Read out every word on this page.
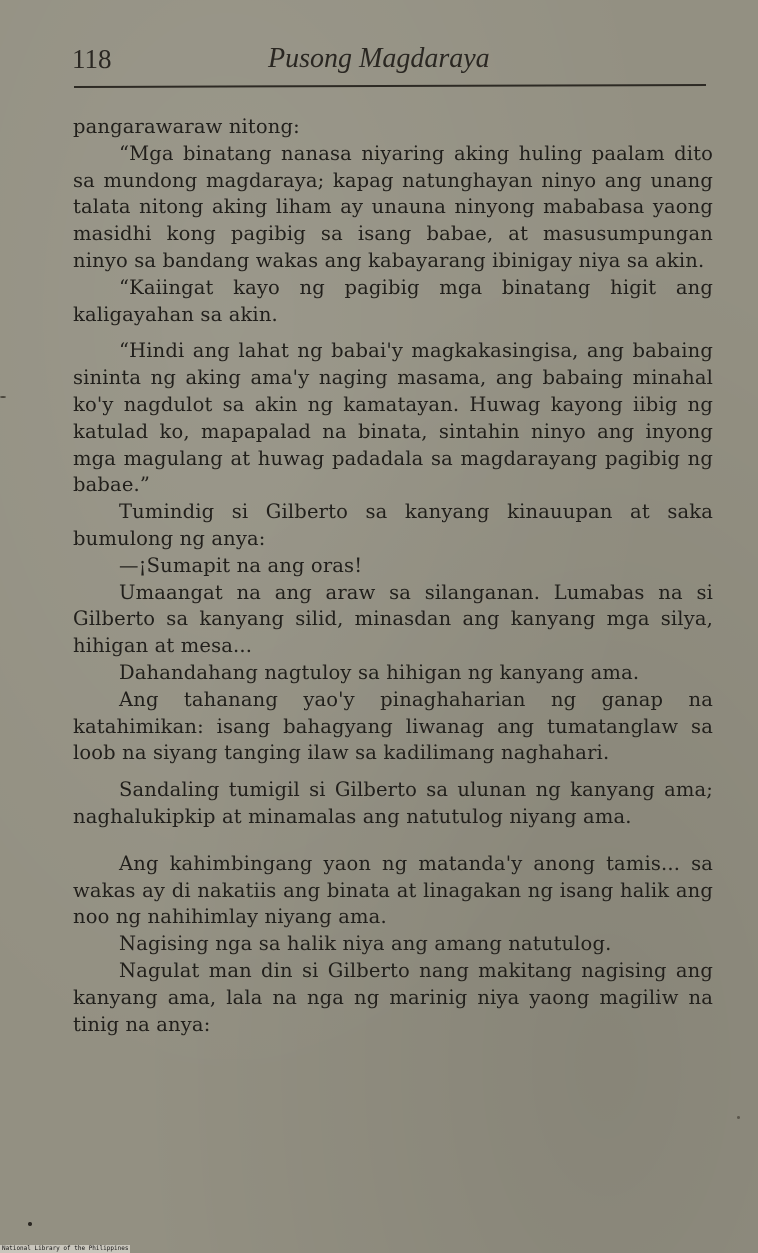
118	Pusong Magdaraya

pangarawaraw nitong:

“Mga binatang nanasa niyaring aking huling paalam dito sa mundong magdaraya; kapag natunghayan ninyo ang unang talata nitong aking liham ay unauna ninyong mababasa yaong masidhi kong pagibig sa isang babae, at masusumpungan ninyo sa bandang wakas ang kabayarang ibinigay niya sa akin.

“Kaiingat kayo ng pagibig mga binatang higit ang kaligayahan sa akin.

“Hindi ang lahat ng babai'y magkakasingisa, ang babaing sininta ng aking ama'y naging masama, ang babaing minahal ko'y nagdulot sa akin ng kamatayan. Huwag kayong iibig ng katulad ko, mapapalad na binata, sintahin ninyo ang inyong mga magulang at huwag padadala sa magdarayang pagibig ng babae.”

Tumindig si Gilberto sa kanyang kinauupan at saka bumulong ng anya:

—¡Sumapit na ang oras!

Umaangat na ang araw sa silanganan. Lumabas na si Gilberto sa kanyang silid, minasdan ang kanyang mga silya, hihigan at mesa...

Dahandahang nagtuloy sa hihigan ng kanyang ama.

Ang tahanang yao'y pinaghaharian ng ganap na katahimikan: isang bahagyang liwanag ang tumatanglaw sa loob na siyang tanging ilaw sa kadilimang naghahari.

Sandaling tumigil si Gilberto sa ulunan ng kanyang ama; naghalukipkip at minamalas ang natutulog niyang ama.

Ang kahimbingang yaon ng matanda'y anong tamis... sa wakas ay di nakatiis ang binata at linagakan ng isang halik ang noo ng nahihimlay niyang ama.

Nagising nga sa halik niya ang amang natutulog.

Nagulat man din si Gilberto nang makitang nagising ang kanyang ama, lala na nga ng marinig niya yaong magiliw na tinig na anya:

National Library of the Philippines
